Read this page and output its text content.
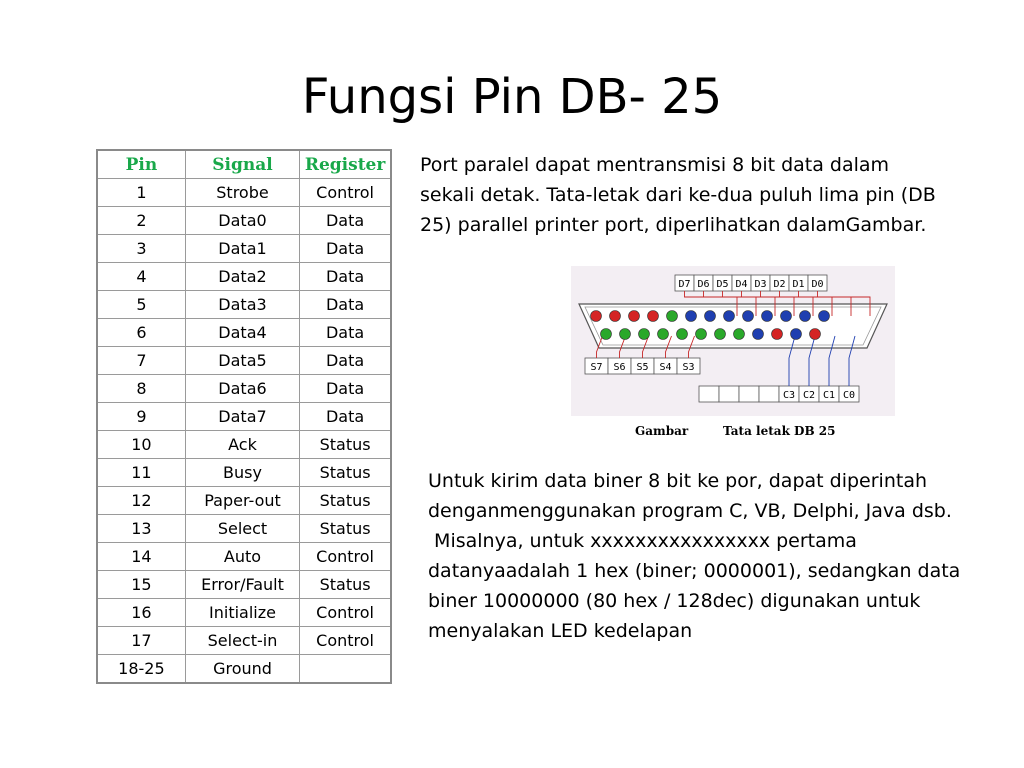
Fungsi Pin DB- 25
Pin	Signal	Register
1	Strobe	Control
2	Data0	Data
3	Data1	Data
4	Data2	Data
5	Data3	Data
6	Data4	Data
7	Data5	Data
8	Data6	Data
9	Data7	Data
10	Ack	Status
11	Busy	Status
12	Paper-out	Status
13	Select	Status
14	Auto	Control
15	Error/Fault	Status
16	Initialize	Control
17	Select-in	Control
18-25	Ground	
Port paralel dapat mentransmisi 8 bit data dalam sekali detak. Tata-letak dari ke-dua puluh lima pin (DB 25) parallel printer port, diperlihatkan dalamGambar.
D7 D6 D5 D4 D3 D2 D1 D0
S7 S6 S5 S4 S3
C3 C2 C1 C0
Gambar	Tata letak DB 25
Untuk kirim data biner 8 bit ke por, dapat diperintah denganmenggunakan program C, VB, Delphi, Java dsb.
Misalnya, untuk xxxxxxxxxxxxxxxx pertama datanyaadalah 1 hex (biner; 0000001), sedangkan data biner 10000000 (80 hex / 128dec) digunakan untuk menyalakan LED kedelapan
